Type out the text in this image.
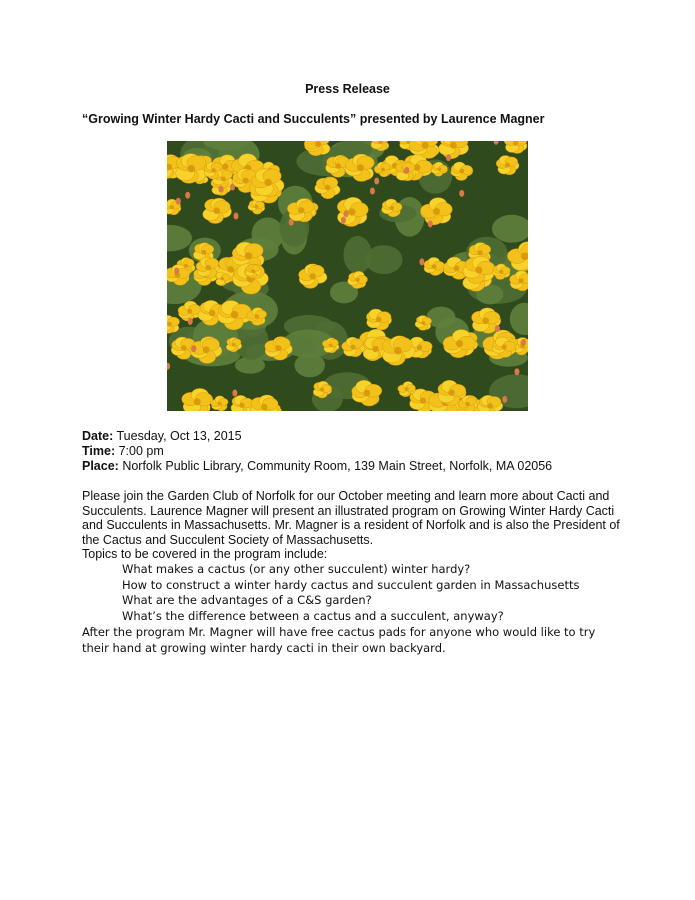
Press Release
“Growing Winter Hardy Cacti and Succulents” presented by Laurence Magner
Date: Tuesday, Oct 13, 2015
Time: 7:00 pm
Place: Norfolk Public Library, Community Room, 139 Main Street, Norfolk, MA 02056
Please join the Garden Club of Norfolk for our October meeting and learn more about Cacti and Succulents. Laurence Magner will present an illustrated program on Growing Winter Hardy Cacti and Succulents in Massachusetts. Mr. Magner is a resident of Norfolk and is also the President of the Cactus and Succulent Society of Massachusetts.
Topics to be covered in the program include:
What makes a cactus (or any other succulent) winter hardy?
How to construct a winter hardy cactus and succulent garden in Massachusetts
What are the advantages of a C&S garden?
What’s the difference between a cactus and a succulent, anyway?
After the program Mr. Magner will have free cactus pads for anyone who would like to try their hand at growing winter hardy cacti in their own backyard.
